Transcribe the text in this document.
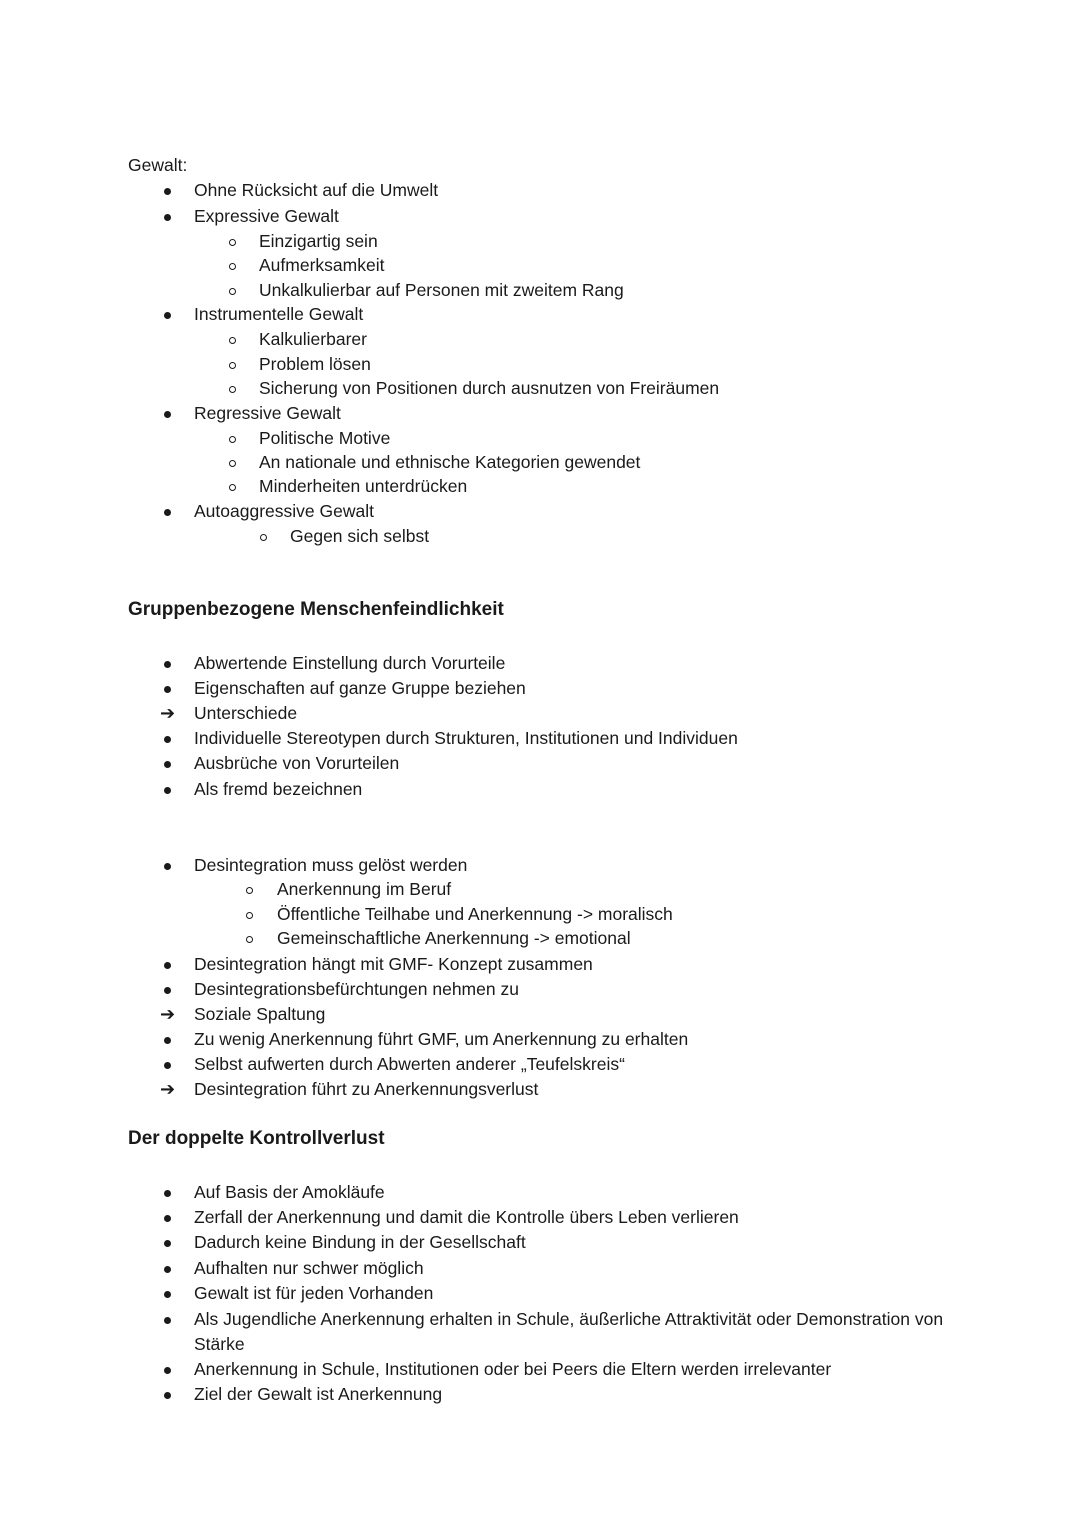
Gewalt:
Ohne Rücksicht auf die Umwelt
Expressive Gewalt
Einzigartig sein
Aufmerksamkeit
Unkalkulierbar auf Personen mit zweitem Rang
Instrumentelle Gewalt
Kalkulierbarer
Problem lösen
Sicherung von Positionen durch ausnutzen von Freiräumen
Regressive Gewalt
Politische Motive
An nationale und ethnische Kategorien gewendet
Minderheiten unterdrücken
Autoaggressive Gewalt
Gegen sich selbst
Gruppenbezogene Menschenfeindlichkeit
Abwertende Einstellung durch Vorurteile
Eigenschaften auf ganze Gruppe beziehen
➔ Unterschiede
Individuelle Stereotypen durch Strukturen, Institutionen und Individuen
Ausbrüche von Vorurteilen
Als fremd bezeichnen
Desintegration muss gelöst werden
Anerkennung im Beruf
Öffentliche Teilhabe und Anerkennung -> moralisch
Gemeinschaftliche Anerkennung -> emotional
Desintegration hängt mit GMF- Konzept zusammen
Desintegrationsbefürchtungen nehmen zu
➔ Soziale Spaltung
Zu wenig Anerkennung führt GMF, um Anerkennung zu erhalten
Selbst aufwerten durch Abwerten anderer „Teufelskreis“
➔ Desintegration führt zu Anerkennungsverlust
Der doppelte Kontrollverlust
Auf Basis der Amokläufe
Zerfall der Anerkennung und damit die Kontrolle übers Leben verlieren
Dadurch keine Bindung in der Gesellschaft
Aufhalten nur schwer möglich
Gewalt ist für jeden Vorhanden
Als Jugendliche Anerkennung erhalten in Schule, äußerliche Attraktivität oder Demonstration von Stärke
Anerkennung in Schule, Institutionen oder bei Peers die Eltern werden irrelevanter
Ziel der Gewalt ist Anerkennung
